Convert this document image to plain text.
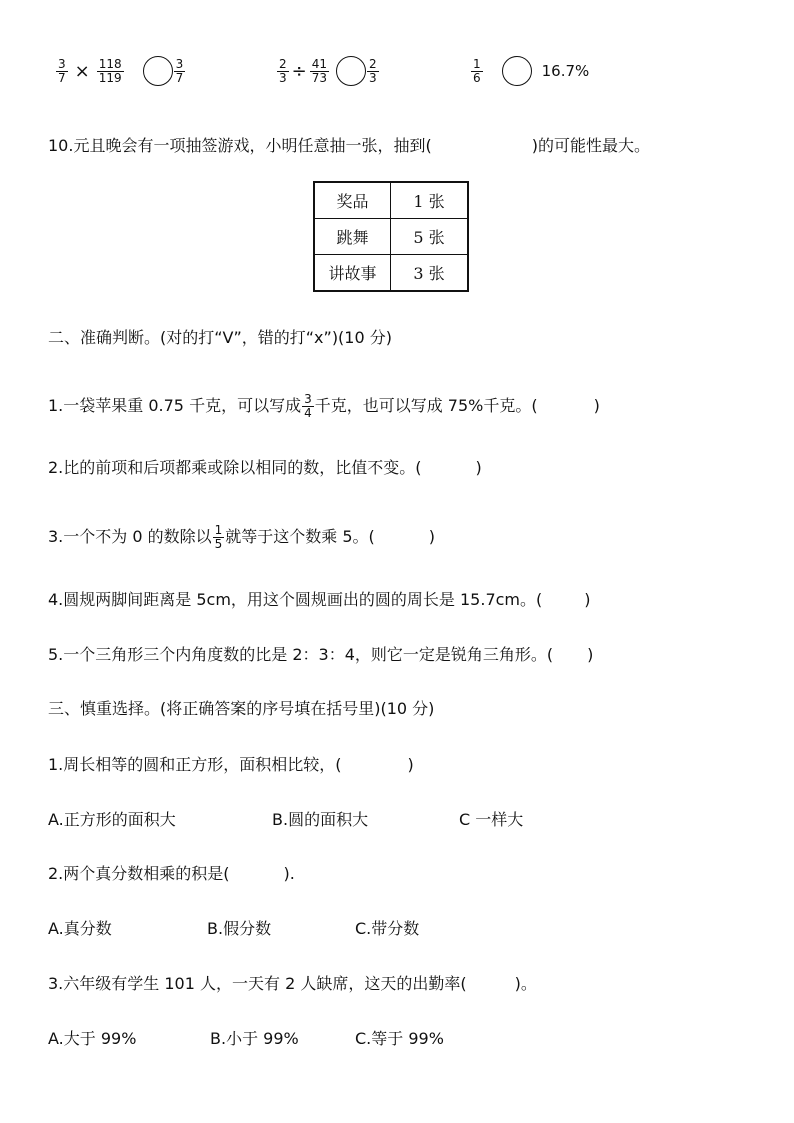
$\frac{3}{7} \times \frac{118}{119}$	$\frac{3}{7}$	$\frac{2}{3} \div \frac{41}{73}$	$\frac{2}{3}$	$\frac{1}{6}$	16.7%
10.元且晚会有一项抽签游戏，小明任意抽一张，抽到(	)的可能性最大。
奖品	1 张
跳舞	5 张
讲故事	3 张
二、准确判断。(对的打“V”，错的打“x”)(10 分)
1.一袋苹果重 0.75 千克，可以写成 $\frac{3}{4}$ 千克，也可以写成 75%千克。(	)
2.比的前项和后项都乘或除以相同的数，比值不变。(	)
3.一个不为 0 的数除以 $\frac{1}{5}$ 就等于这个数乘 5。(	)
4.圆规两脚间距离是 5cm，用这个圆规画出的圆的周长是 15.7cm。(	)
5.一个三角形三个内角度数的比是 2：3：4，则它一定是锐角三角形。( )
三、慎重选择。(将正确答案的序号填在括号里)(10 分)
1.周长相等的圆和正方形，面积相比较，(	)
A.正方形的面积大	B.圆的面积大	C 一样大
2.两个真分数相乘的积是(	).
A.真分数	B.假分数	C.带分数
3.六年级有学生 101 人，一天有 2 人缺席，这天的出勤率(	)。
A.大于 99%	B.小于 99%	C.等于 99%
